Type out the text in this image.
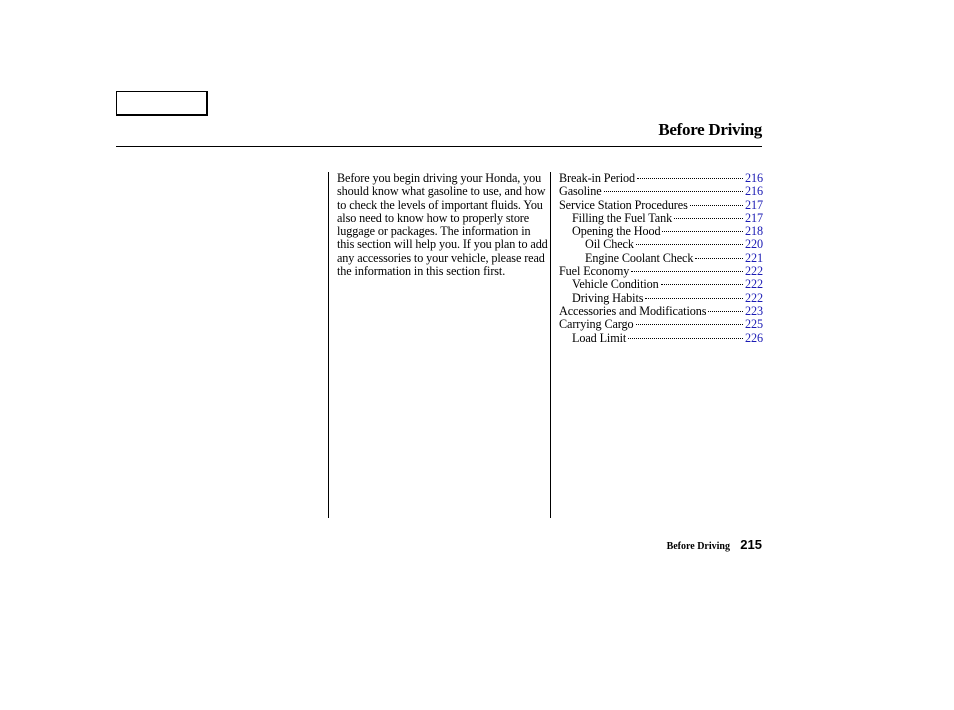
Before Driving

Before you begin driving your Honda, you should know what gasoline to use, and how to check the levels of important fluids. You also need to know how to properly store luggage or packages. The information in this section will help you. If you plan to add any accessories to your vehicle, please read the information in this section first.

Break-in Period	216
Gasoline	216
Service Station Procedures	217
Filling the Fuel Tank	217
Opening the Hood	218
Oil Check	220
Engine Coolant Check	221
Fuel Economy	222
Vehicle Condition	222
Driving Habits	222
Accessories and Modifications	223
Carrying Cargo	225
Load Limit	226
Before Driving 215
